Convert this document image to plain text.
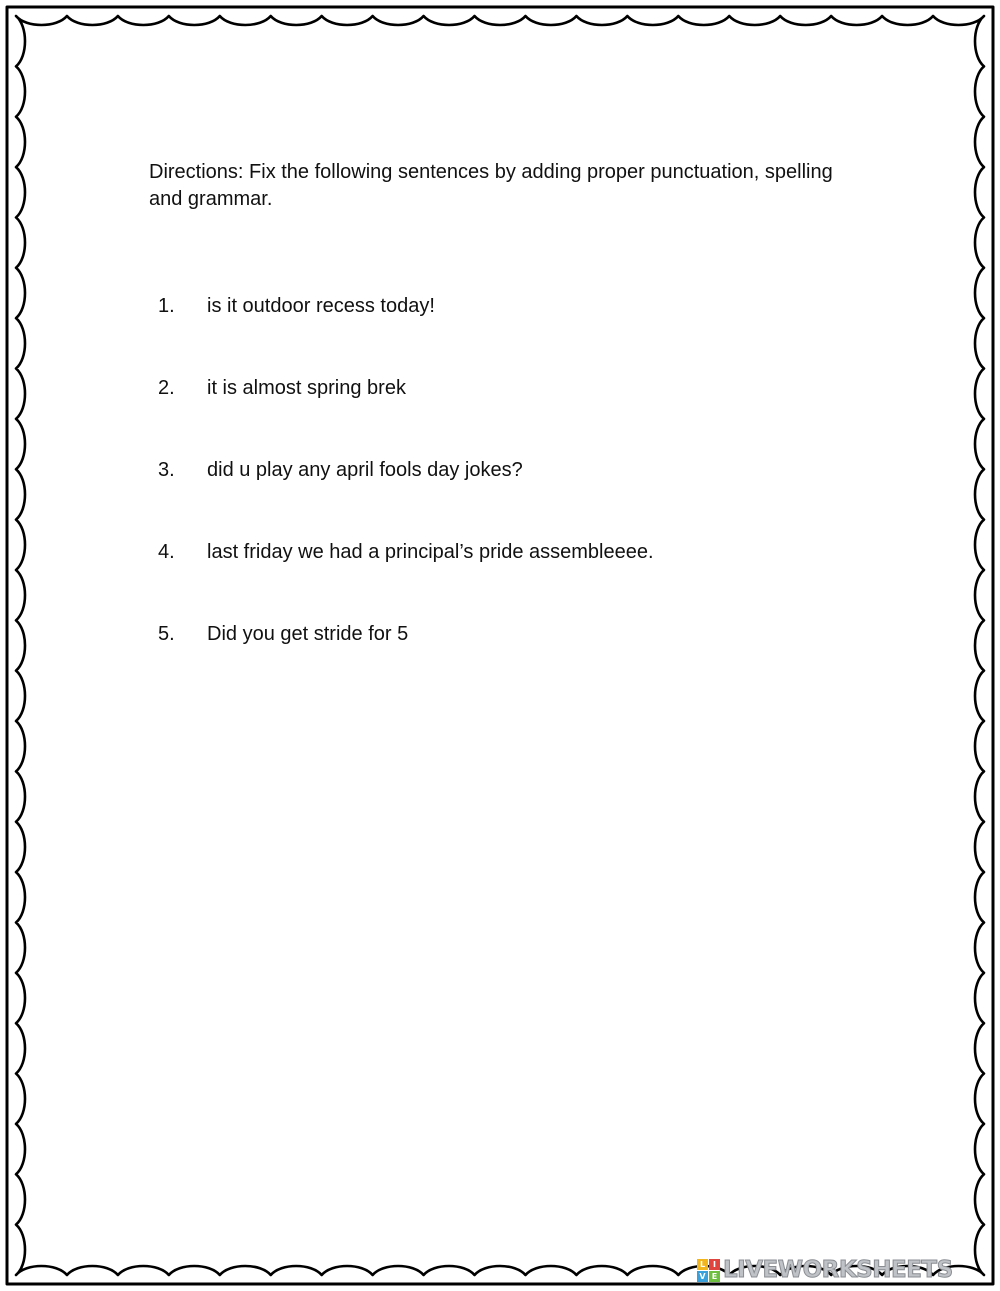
Directions: Fix the following sentences by adding proper punctuation, spelling and grammar.

1. is it outdoor recess today!
2. it is almost spring brek
3. did u play any april fools day jokes?
4. last friday we had a principal’s pride assembleeee.
5. Did you get stride for 5
L I
V E LIVEWORKSHEETS
